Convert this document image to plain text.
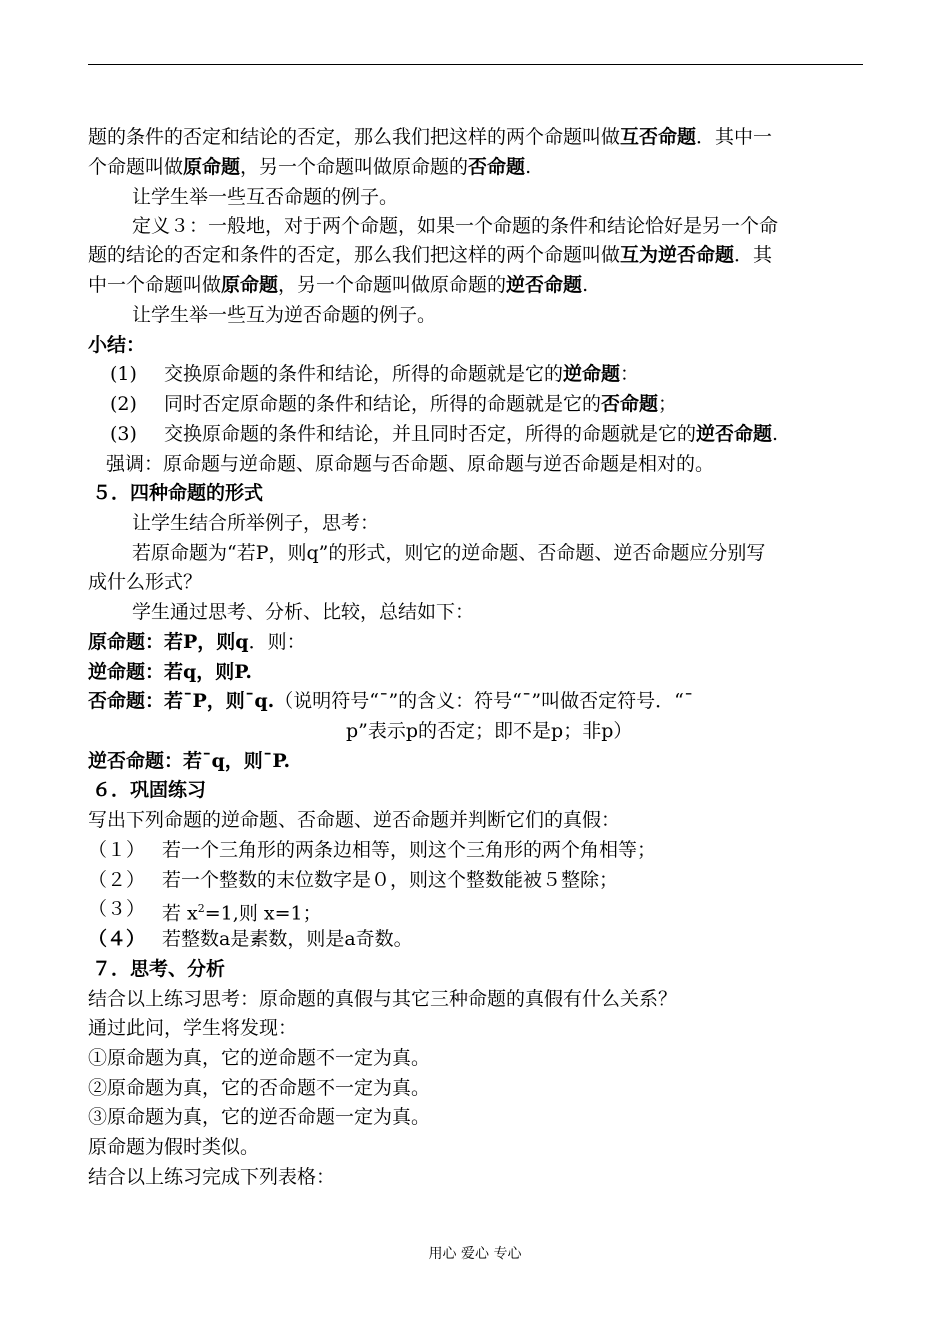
题的条件的否定和结论的否定，那么我们把这样的两个命题叫做互否命题．其中一
个命题叫做原命题，另一个命题叫做原命题的否命题.
让学生举一些互否命题的例子。
定义３：一般地，对于两个命题，如果一个命题的条件和结论恰好是另一个命
题的结论的否定和条件的否定，那么我们把这样的两个命题叫做互为逆否命题．其
中一个命题叫做原命题，另一个命题叫做原命题的逆否命题.
让学生举一些互为逆否命题的例子。
小结：
(1) 交换原命题的条件和结论，所得的命题就是它的逆命题：
(2) 同时否定原命题的条件和结论，所得的命题就是它的否命题；
(3) 交换原命题的条件和结论，并且同时否定，所得的命题就是它的逆否命题.
强调：原命题与逆命题、原命题与否命题、原命题与逆否命题是相对的。
５．四种命题的形式
让学生结合所举例子，思考：
若原命题为“若P，则q”的形式，则它的逆命题、否命题、逆否命题应分别写
成什么形式？
学生通过思考、分析、比较，总结如下：
原命题：若P，则q．则：
逆命题：若q，则P.
否命题：若¯P，则¯q.（说明符号“¯”的含义：符号“¯”叫做否定符号．“¯
p”表示p的否定；即不是p；非p）
逆否命题：若¯q，则¯P.
６．巩固练习
写出下列命题的逆命题、否命题、逆否命题并判断它们的真假：
（１） 若一个三角形的两条边相等，则这个三角形的两个角相等；
（２） 若一个整数的末位数字是０，则这个整数能被５整除；
（３） 若 $x^2=1$,则 x=1；
（４） 若整数a是素数，则是a奇数。
７．思考、分析
结合以上练习思考：原命题的真假与其它三种命题的真假有什么关系？
通过此问，学生将发现：
①原命题为真，它的逆命题不一定为真。
②原命题为真，它的否命题不一定为真。
③原命题为真，它的逆否命题一定为真。
原命题为假时类似。
结合以上练习完成下列表格：
用心 爱心 专心
